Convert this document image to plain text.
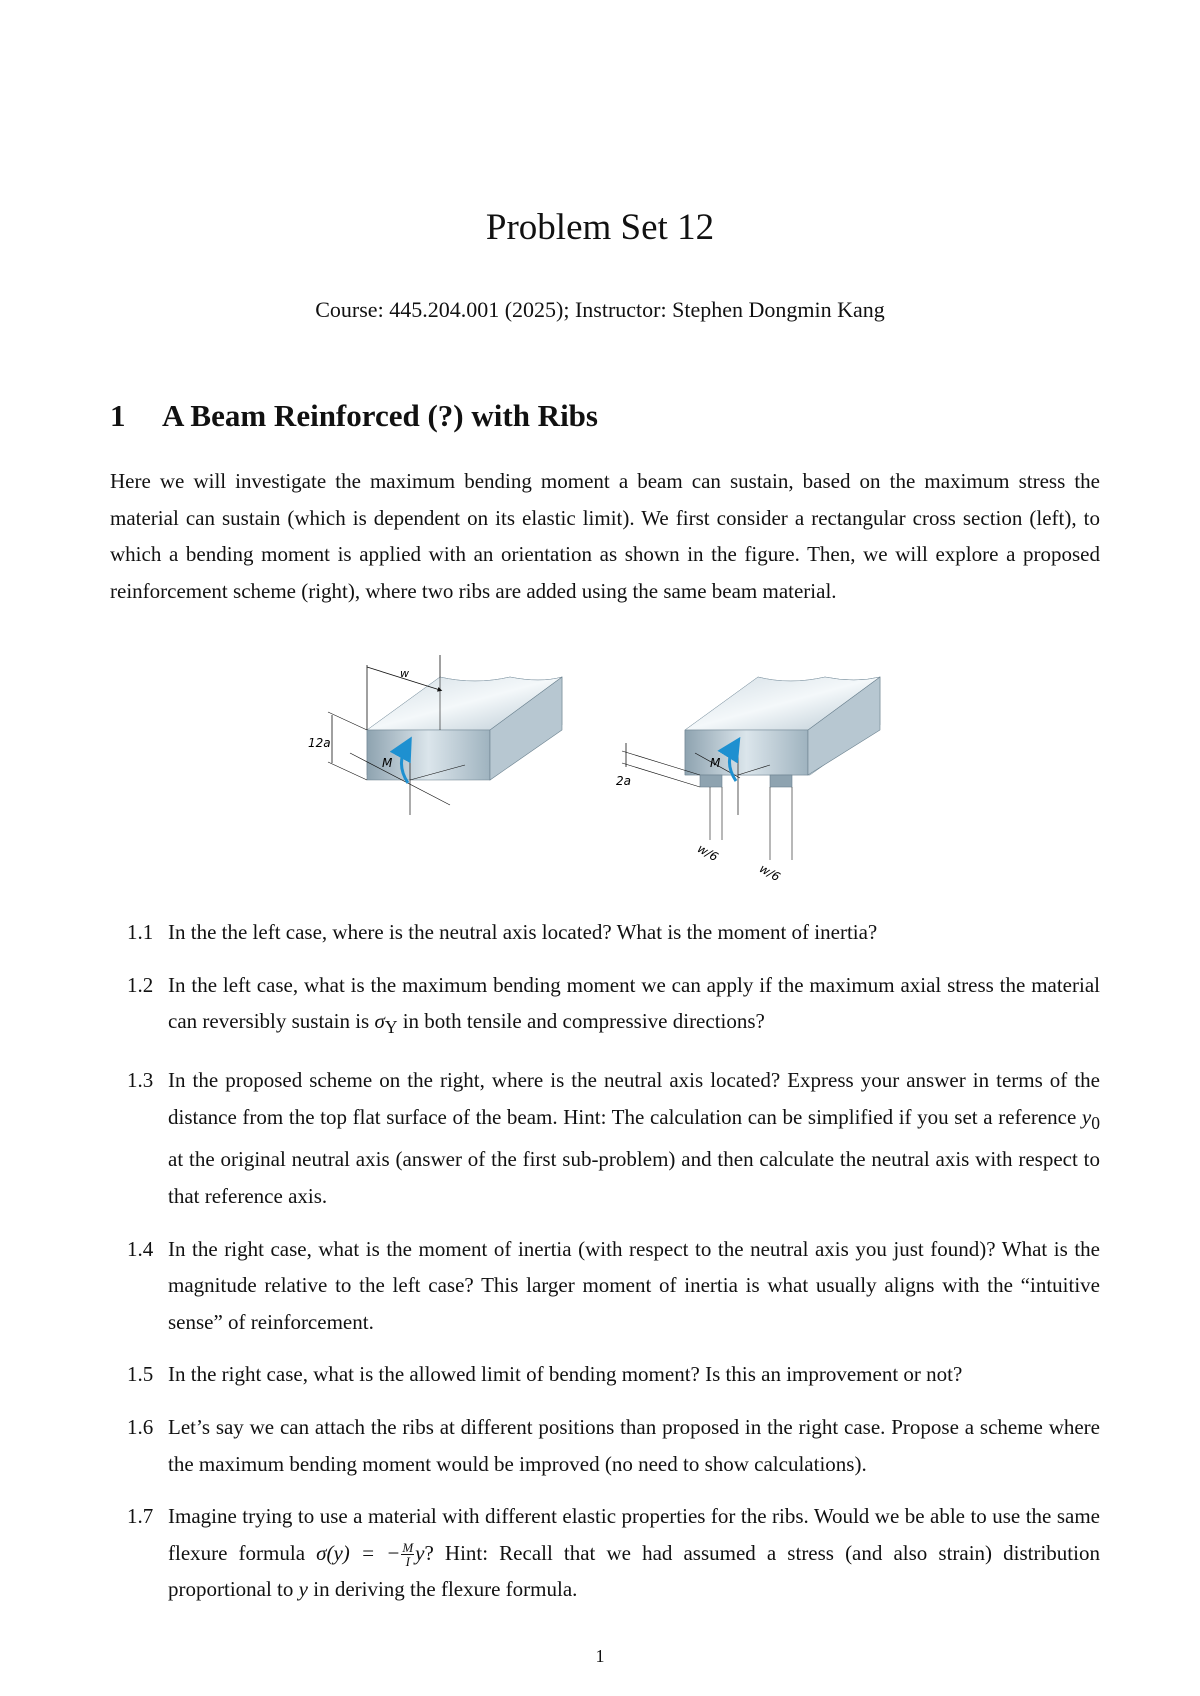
Problem Set 12
Course: 445.204.001 (2025); Instructor: Stephen Dongmin Kang
1 A Beam Reinforced (?) with Ribs

Here we will investigate the maximum bending moment a beam can sustain, based on the maximum stress the material can sustain (which is dependent on its elastic limit). We first consider a rectangular cross section (left), to which a bending moment is applied with an orientation as shown in the figure. Then, we will explore a proposed reinforcement scheme (right), where two ribs are added using the same beam material.

w
12a
M
2a
M
w/6
w/6
1.1 In the the left case, where is the neutral axis located? What is the moment of inertia?
1.2 In the left case, what is the maximum bending moment we can apply if the maximum axial stress the material can reversibly sustain is $\sigma_Y$ in both tensile and compressive directions?
1.3 In the proposed scheme on the right, where is the neutral axis located? Express your answer in terms of the distance from the top flat surface of the beam. Hint: The calculation can be simplified if you set a reference $y_0$ at the original neutral axis (answer of the first sub-problem) and then calculate the neutral axis with respect to that reference axis.
1.4 In the right case, what is the moment of inertia (with respect to the neutral axis you just found)? What is the magnitude relative to the left case? This larger moment of inertia is what usually aligns with the “intuitive sense” of reinforcement.
1.5 In the right case, what is the allowed limit of bending moment? Is this an improvement or not?
1.6 Let’s say we can attach the ribs at different positions than proposed in the right case. Propose a scheme where the maximum bending moment would be improved (no need to show calculations).
1.7 Imagine trying to use a material with different elastic properties for the ribs. Would we be able to use the same flexure formula σ(y) = − $\frac{M}{I} y$? Hint: Recall that we had assumed a stress (and also strain) distribution proportional to y in deriving the flexure formula.
1
